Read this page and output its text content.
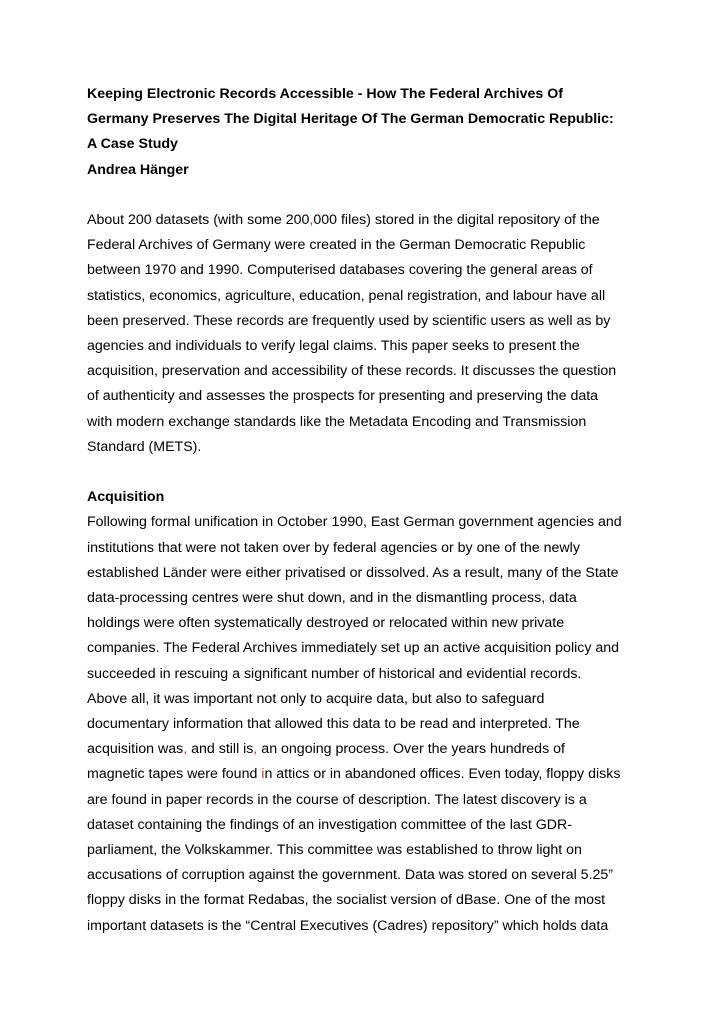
Keeping Electronic Records Accessible - How The Federal Archives Of
Germany Preserves The Digital Heritage Of The German Democratic Republic:
A Case Study
Andrea Hänger
About 200 datasets (with some 200,000 files) stored in the digital repository of the
Federal Archives of Germany were created in the German Democratic Republic
between 1970 and 1990. Computerised databases covering the general areas of
statistics, economics, agriculture, education, penal registration, and labour have all
been preserved. These records are frequently used by scientific users as well as by
agencies and individuals to verify legal claims. This paper seeks to present the
acquisition, preservation and accessibility of these records. It discusses the question
of authenticity and assesses the prospects for presenting and preserving the data
with modern exchange standards like the Metadata Encoding and Transmission
Standard (METS).
Acquisition
Following formal unification in October 1990, East German government agencies and
institutions that were not taken over by federal agencies or by one of the newly
established Länder were either privatised or dissolved. As a result, many of the State
data-processing centres were shut down, and in the dismantling process, data
holdings were often systematically destroyed or relocated within new private
companies. The Federal Archives immediately set up an active acquisition policy and
succeeded in rescuing a significant number of historical and evidential records.
Above all, it was important not only to acquire data, but also to safeguard
documentary information that allowed this data to be read and interpreted. The
acquisition was, and still is, an ongoing process. Over the years hundreds of
magnetic tapes were found in attics or in abandoned offices. Even today, floppy disks
are found in paper records in the course of description. The latest discovery is a
dataset containing the findings of an investigation committee of the last GDR-
parliament, the Volkskammer. This committee was established to throw light on
accusations of corruption against the government. Data was stored on several 5.25”
floppy disks in the format Redabas, the socialist version of dBase. One of the most
important datasets is the “Central Executives (Cadres) repository” which holds data
